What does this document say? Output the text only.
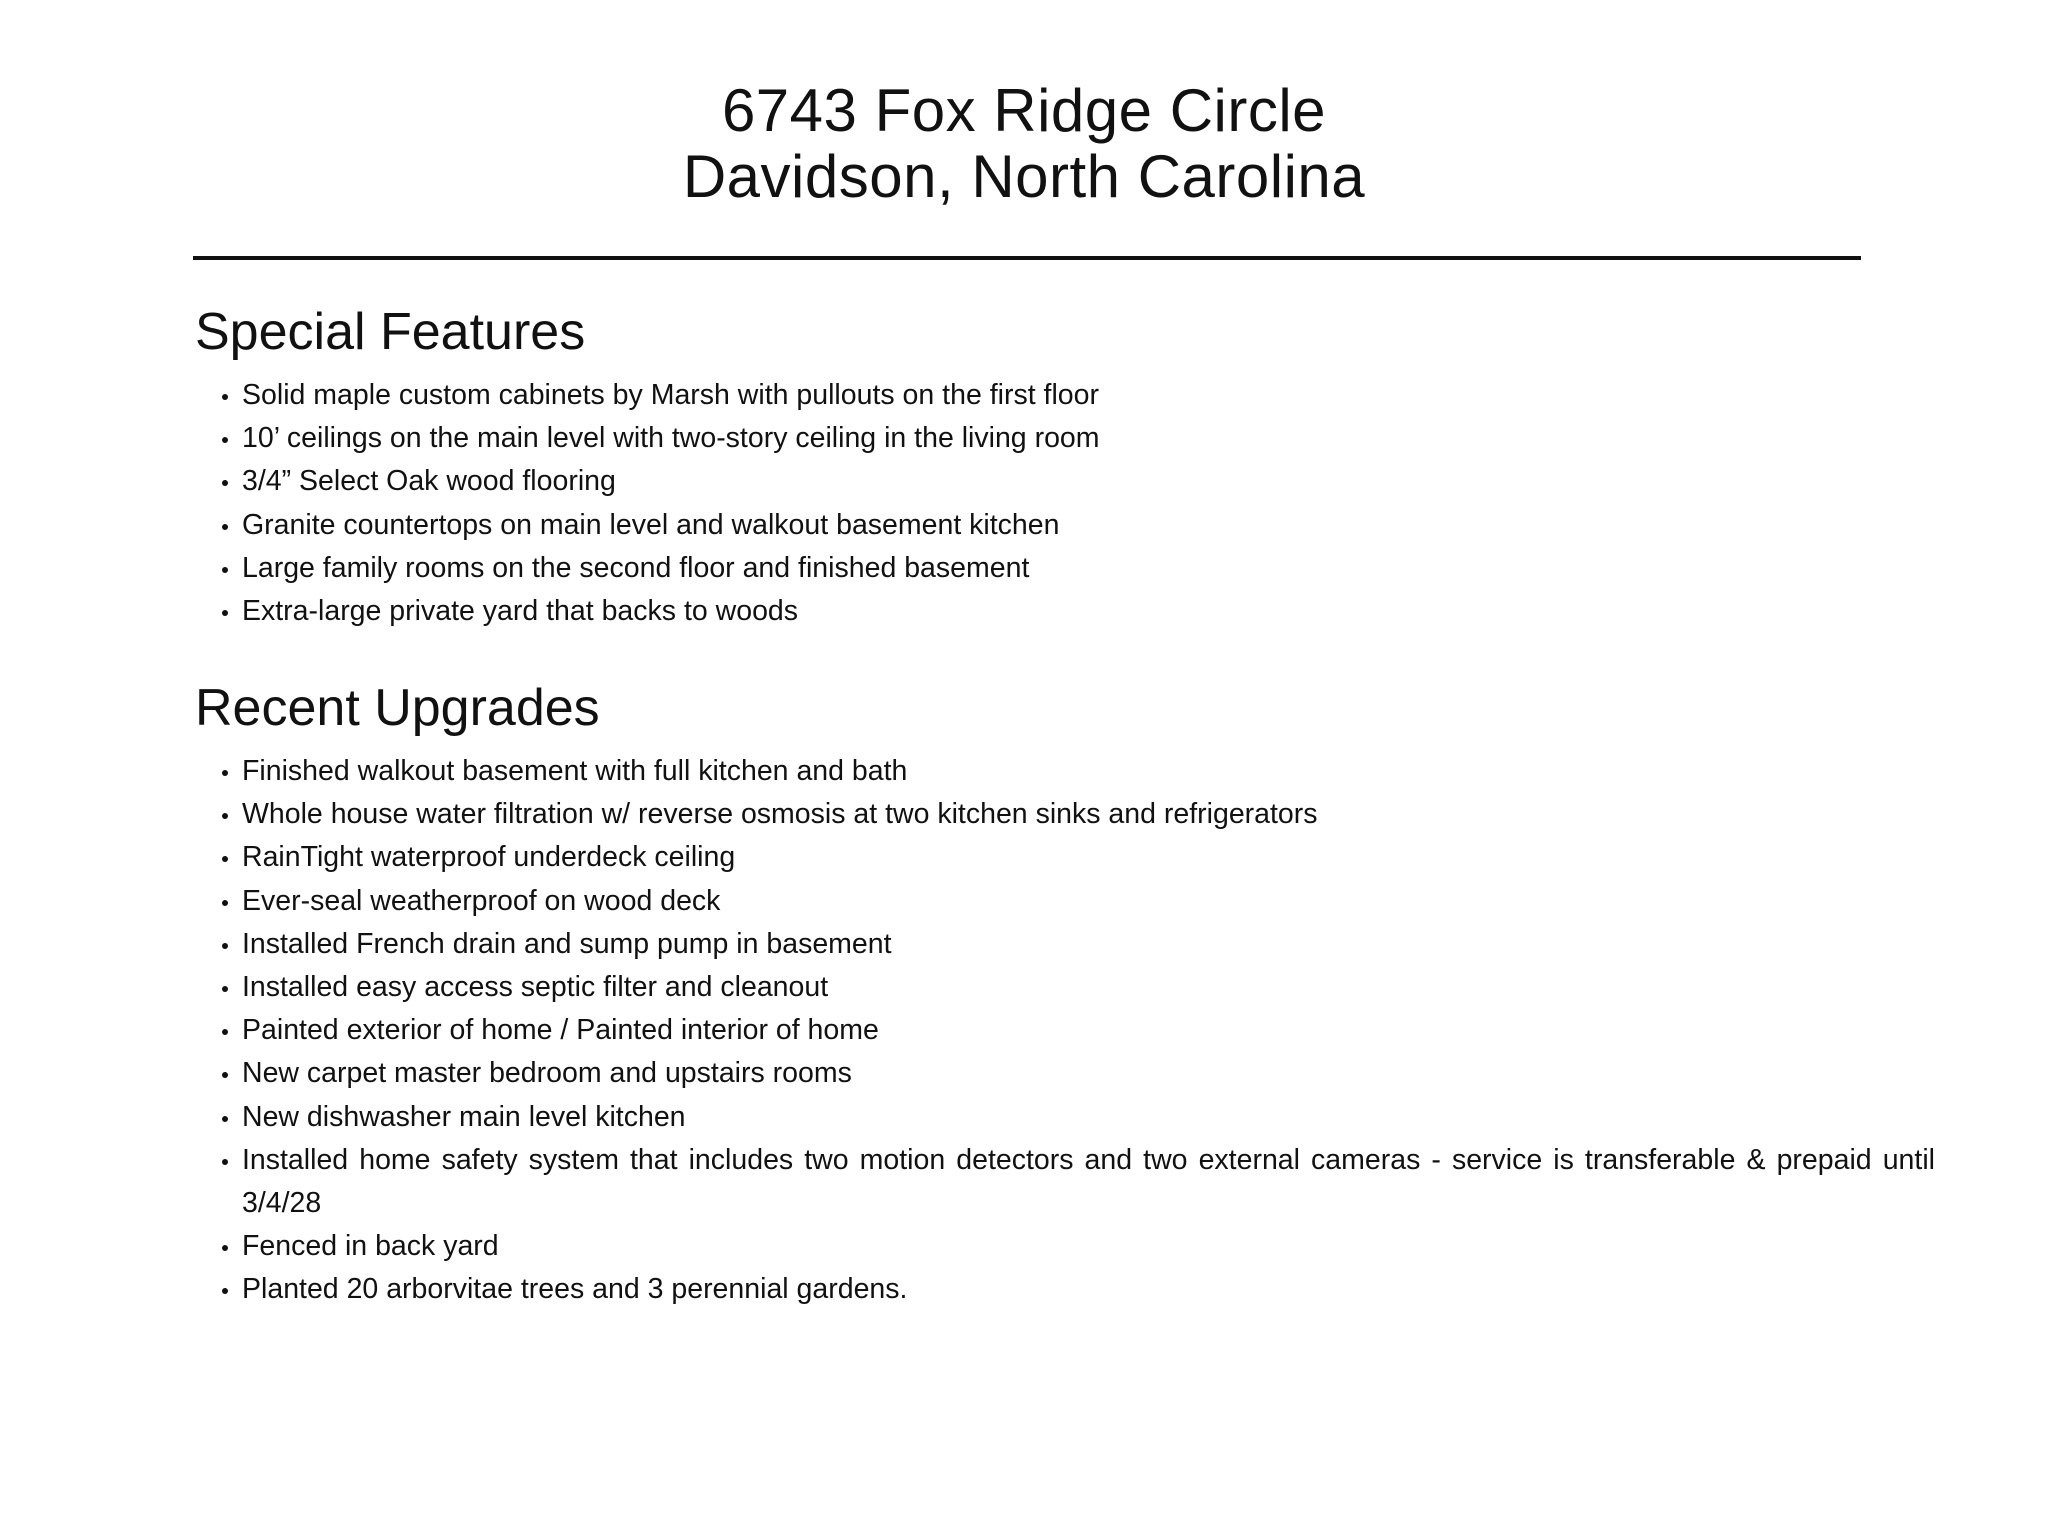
6743 Fox Ridge Circle
Davidson, North Carolina
Special Features
Solid maple custom cabinets by Marsh with pullouts on the first floor
10’ ceilings on the main level with two-story ceiling in the living room
3/4” Select Oak wood flooring
Granite countertops on main level and walkout basement kitchen
Large family rooms on the second floor and finished basement
Extra-large private yard that backs to woods
Recent Upgrades
Finished walkout basement with full kitchen and bath
Whole house water filtration w/ reverse osmosis at two kitchen sinks and refrigerators
RainTight waterproof underdeck ceiling
Ever-seal weatherproof on wood deck
Installed French drain and sump pump in basement
Installed easy access septic filter and cleanout
Painted exterior of home / Painted interior of home
New carpet master bedroom and upstairs rooms
New dishwasher main level kitchen
Installed home safety system that includes two motion detectors and two external cameras - service is transferable & prepaid until 3/4/28
Fenced in back yard
Planted 20 arborvitae trees and 3 perennial gardens.
